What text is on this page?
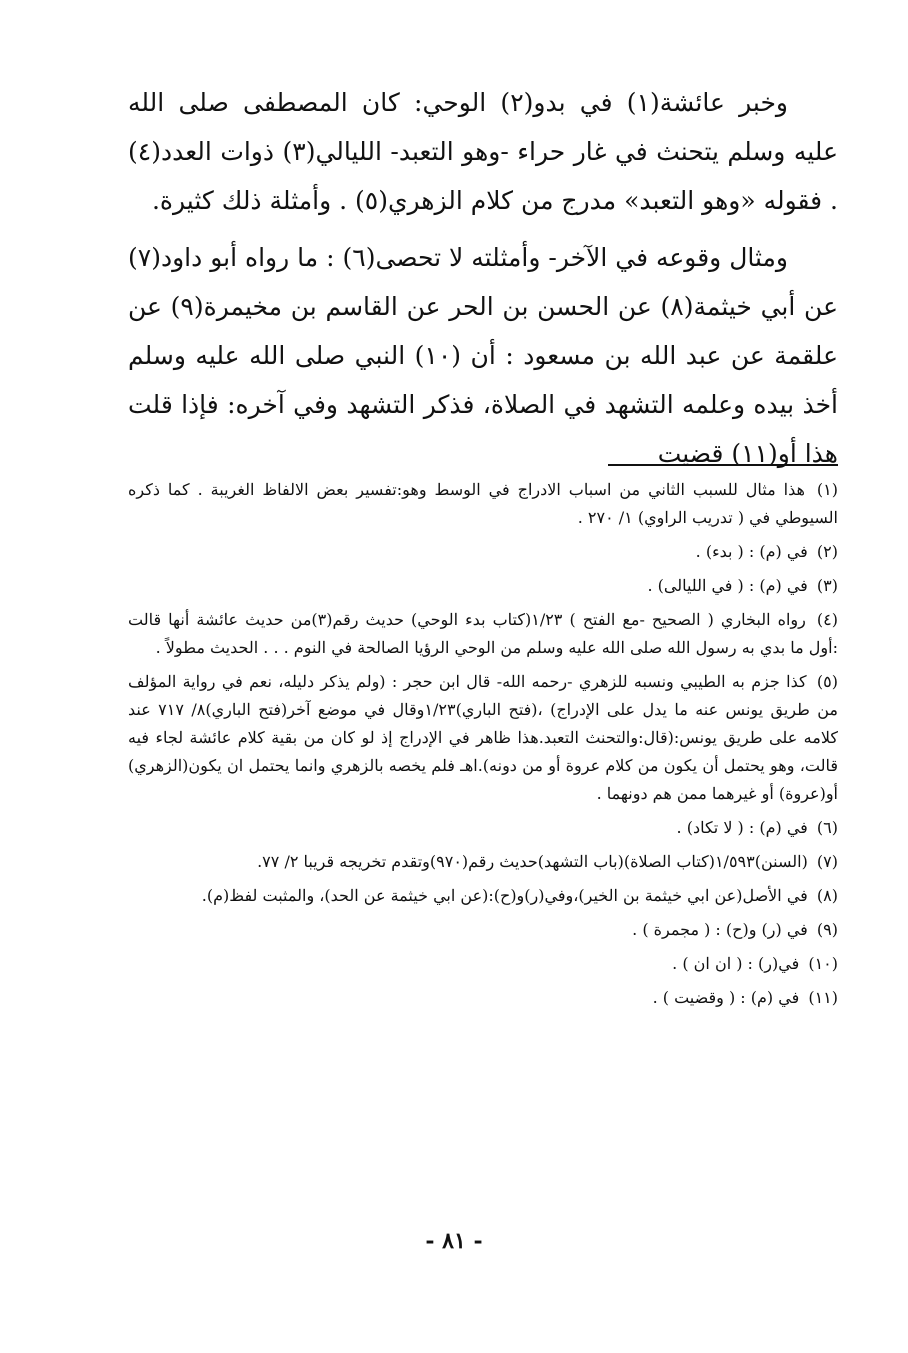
وخبر عائشة(١) في بدو(٢) الوحي: كان المصطفى صلى الله عليه وسلم يتحنث في غار حراء -وهو التعبد- الليالي(٣) ذوات العدد(٤) . فقوله «وهو التعبد» مدرج من كلام الزهري(٥) . وأمثلة ذلك كثيرة.

ومثال وقوعه في الآخر- وأمثلته لا تحصى(٦) : ما رواه أبو داود(٧) عن أبي خيثمة(٨) عن الحسن بن الحر عن القاسم بن مخيمرة(٩) عن علقمة عن عبد الله بن مسعود : أن (١٠) النبي صلى الله عليه وسلم أخذ بيده وعلمه التشهد في الصلاة، فذكر التشهد وفي آخره: فإذا قلت هذا أو(١١) قضيت

(١) هذا مثال للسبب الثاني من اسباب الادراج في الوسط وهو:تفسير بعض الالفاظ الغريبة . كما ذكره السيوطي في ( تدريب الراوي) ١/ ٢٧٠ .
(٢) في (م) : ( بدء) .
(٣) في (م) : ( في الليالى) .
(٤) رواه البخاري ( الصحيح -مع الفتح ) ١/٢٣(كتاب بدء الوحي) حديث رقم(٣)من حديث عائشة أنها قالت :أول ما بدي به رسول الله صلى الله عليه وسلم من الوحي الرؤيا الصالحة في النوم . . . الحديث مطولاً .
(٥) كذا جزم به الطيبي ونسبه للزهري -رحمه الله- قال ابن حجر : (ولم يذكر دليله، نعم في رواية المؤلف من طريق يونس عنه ما يدل على الإدراج) ،(فتح الباري)١/٢٣وقال في موضع آخر(فتح الباري)٨/ ٧١٧ عند كلامه على طريق يونس:(قال:والتحنث التعبد.هذا ظاهر في الإدراج إذ لو كان من بقية كلام عائشة لجاء فيه قالت، وهو يحتمل أن يكون من كلام عروة أو من دونه).اهـ فلم يخصه بالزهري وانما يحتمل ان يكون(الزهري) أو(عروة) أو غيرهما ممن هم دونهما .
(٦) في (م) : ( لا تكاد) .
(٧) (السنن)١/٥٩٣(كتاب الصلاة)(باب التشهد)حديث رقم(٩٧٠)وتقدم تخريجه قريبا ٢/ ٧٧.
(٨) في الأصل(عن ابي خيثمة بن الخير)،وفي(ر)و(ح):(عن ابي خيثمة عن الحد)، والمثبت لفظ(م).
(٩) في (ر) و(ح) : ( مجمرة ) .
(١٠) في(ر) : ( ان ان ) .
(١١) في (م) : ( وقضيت ) .
- ٨١ -
